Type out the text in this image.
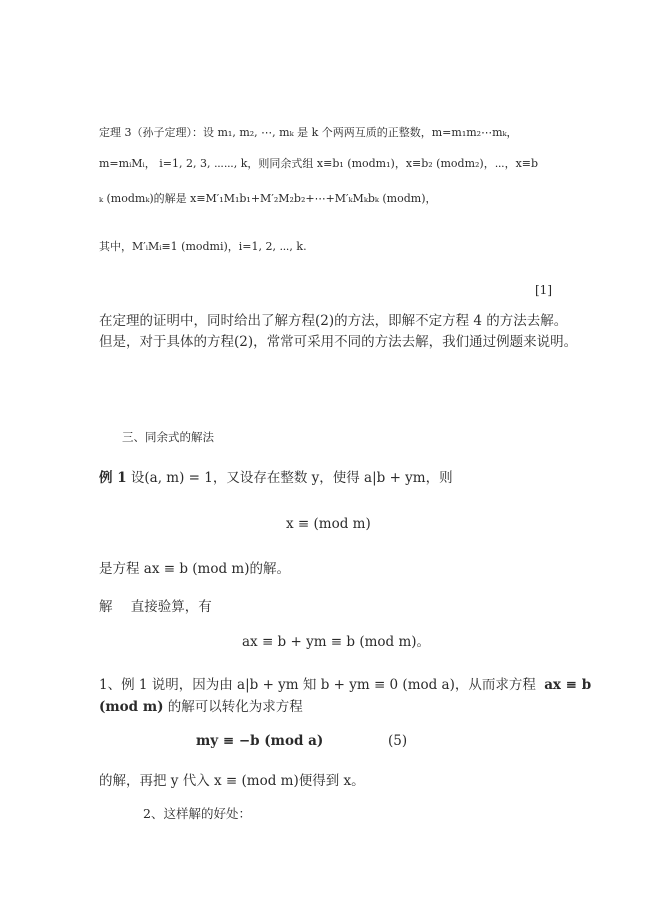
定理 3（孙子定理）：设 m₁, m₂, ⋯, mₖ 是 k 个两两互质的正整数，m=m₁m₂⋯mₖ，
m=mᵢMᵢ， i=1, 2, 3, ⋯⋯, k，则同余式组 x≡b₁ (modm₁)，x≡b₂ (modm₂)，⋯，x≡b
ₖ (modmₖ)的解是 x≡M′₁M₁b₁+M′₂M₂b₂+⋯+M′ₖMₖbₖ (modm)，
其中，M′ᵢMᵢ≡1 (modmi)，i=1, 2, ⋯, k.
[1]
在定理的证明中，同时给出了解方程(2)的方法，即解不定方程 4 的方法去解。
但是，对于具体的方程(2)，常常可采用不同的方法去解，我们通过例题来说明。
三、同余式的解法
例 1 设(a, m) = 1，又设存在整数 y，使得 a|b + ym，则
x ≡ (mod m)
是方程 ax ≡ b (mod m)的解。
解 直接验算，有
ax ≡ b + ym ≡ b (mod m)。
1、例 1 说明，因为由 a|b + ym 知 b + ym ≡ 0 (mod a)，从而求方程 ax ≡ b
(mod m) 的解可以转化为求方程
my ≡ −b (mod a)	(5)
的解，再把 y 代入 x ≡ (mod m)便得到 x。
2、这样解的好处：
